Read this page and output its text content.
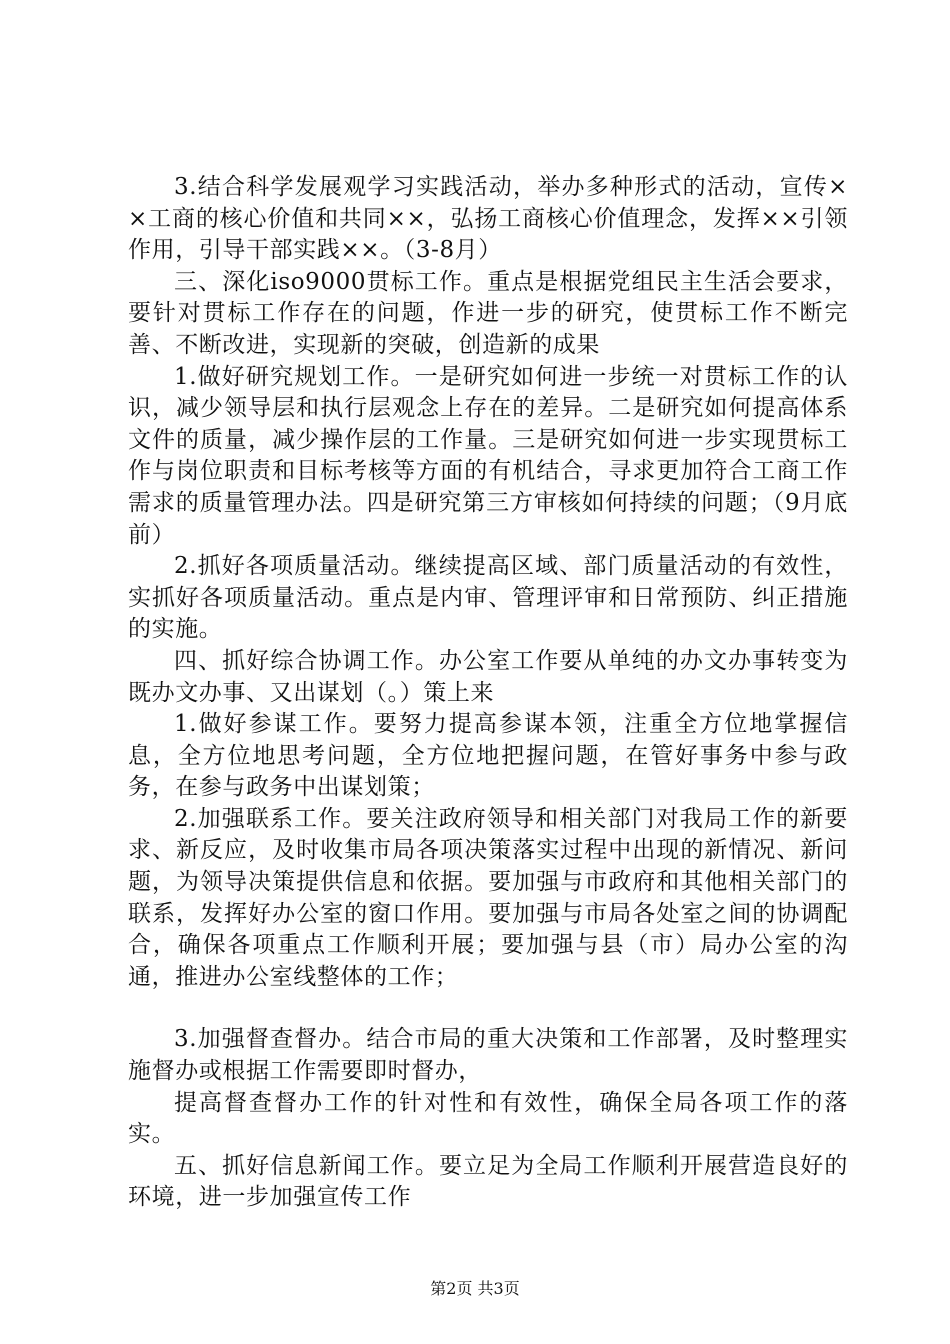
3.结合科学发展观学习实践活动，举办多种形式的活动，宣传××工商的核心价值和共同××，弘扬工商核心价值理念，发挥××引领作用，引导干部实践××。（3-8月）

三、深化iso9000贯标工作。重点是根据党组民主生活会要求，要针对贯标工作存在的问题，作进一步的研究，使贯标工作不断完善、不断改进，实现新的突破，创造新的成果

1.做好研究规划工作。一是研究如何进一步统一对贯标工作的认识，减少领导层和执行层观念上存在的差异。二是研究如何提高体系文件的质量，减少操作层的工作量。三是研究如何进一步实现贯标工作与岗位职责和目标考核等方面的有机结合，寻求更加符合工商工作需求的质量管理办法。四是研究第三方审核如何持续的问题；（9月底前）

2.抓好各项质量活动。继续提高区域、部门质量活动的有效性，实抓好各项质量活动。重点是内审、管理评审和日常预防、纠正措施的实施。

四、抓好综合协调工作。办公室工作要从单纯的办文办事转变为既办文办事、又出谋划（。）策上来

1.做好参谋工作。要努力提高参谋本领，注重全方位地掌握信息，全方位地思考问题，全方位地把握问题，在管好事务中参与政务，在参与政务中出谋划策；

2.加强联系工作。要关注政府领导和相关部门对我局工作的新要求、新反应，及时收集市局各项决策落实过程中出现的新情况、新问题，为领导决策提供信息和依据。要加强与市政府和其他相关部门的联系，发挥好办公室的窗口作用。要加强与市局各处室之间的协调配合，确保各项重点工作顺利开展；要加强与县（市）局办公室的沟通，推进办公室线整体的工作；

3.加强督查督办。结合市局的重大决策和工作部署，及时整理实施督办或根据工作需要即时督办，

提高督查督办工作的针对性和有效性，确保全局各项工作的落实。

五、抓好信息新闻工作。要立足为全局工作顺利开展营造良好的环境，进一步加强宣传工作

第2页 共3页
